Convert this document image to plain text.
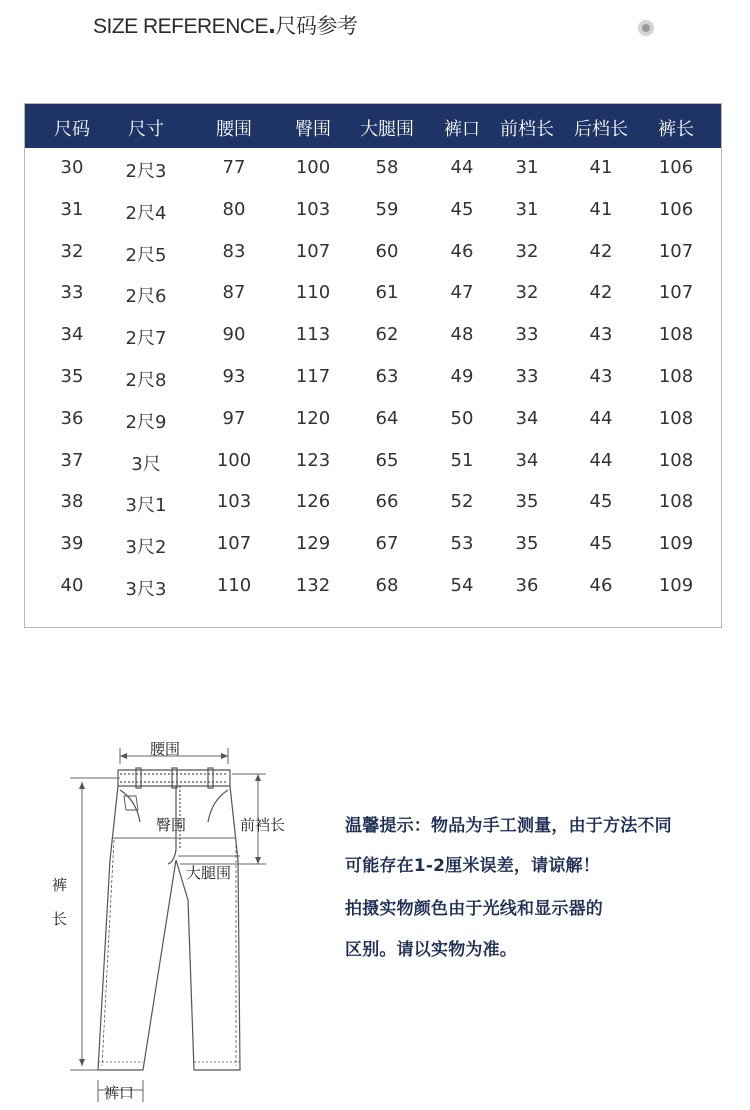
SIZE REFERENCE.尺码参考
尺码 尺寸	腰围 臀围 大腿围 裤口 前档长 后档长 裤长
30 2尺3	77	100	58	44 31	41	106
31 2尺4	80	103	59	45 31	41	106
32 2尺5	83	107	60	46 32	42	107
33 2尺6	87	110	61	47 32	42	107
34 2尺7	90	113	62	48 33	43	108
35 2尺8	93	117	63	49 33	43	108
36 2尺9	97	120	64	50 34	44	108
37	3尺	100 123	65	51 34	44	108
38 3尺1	103 126	66	52 35	45	108
39 3尺2	107 129	67	53 35	45	109
40 3尺3	110 132	68	54 36	46	109
腰围
臀围	前裆长
大腿围
裤
长
裤口
温馨提示：物品为手工测量，由于方法不同
可能存在1-2厘米误差，请谅解！
拍摄实物颜色由于光线和显示器的
区别。请以实物为准。
